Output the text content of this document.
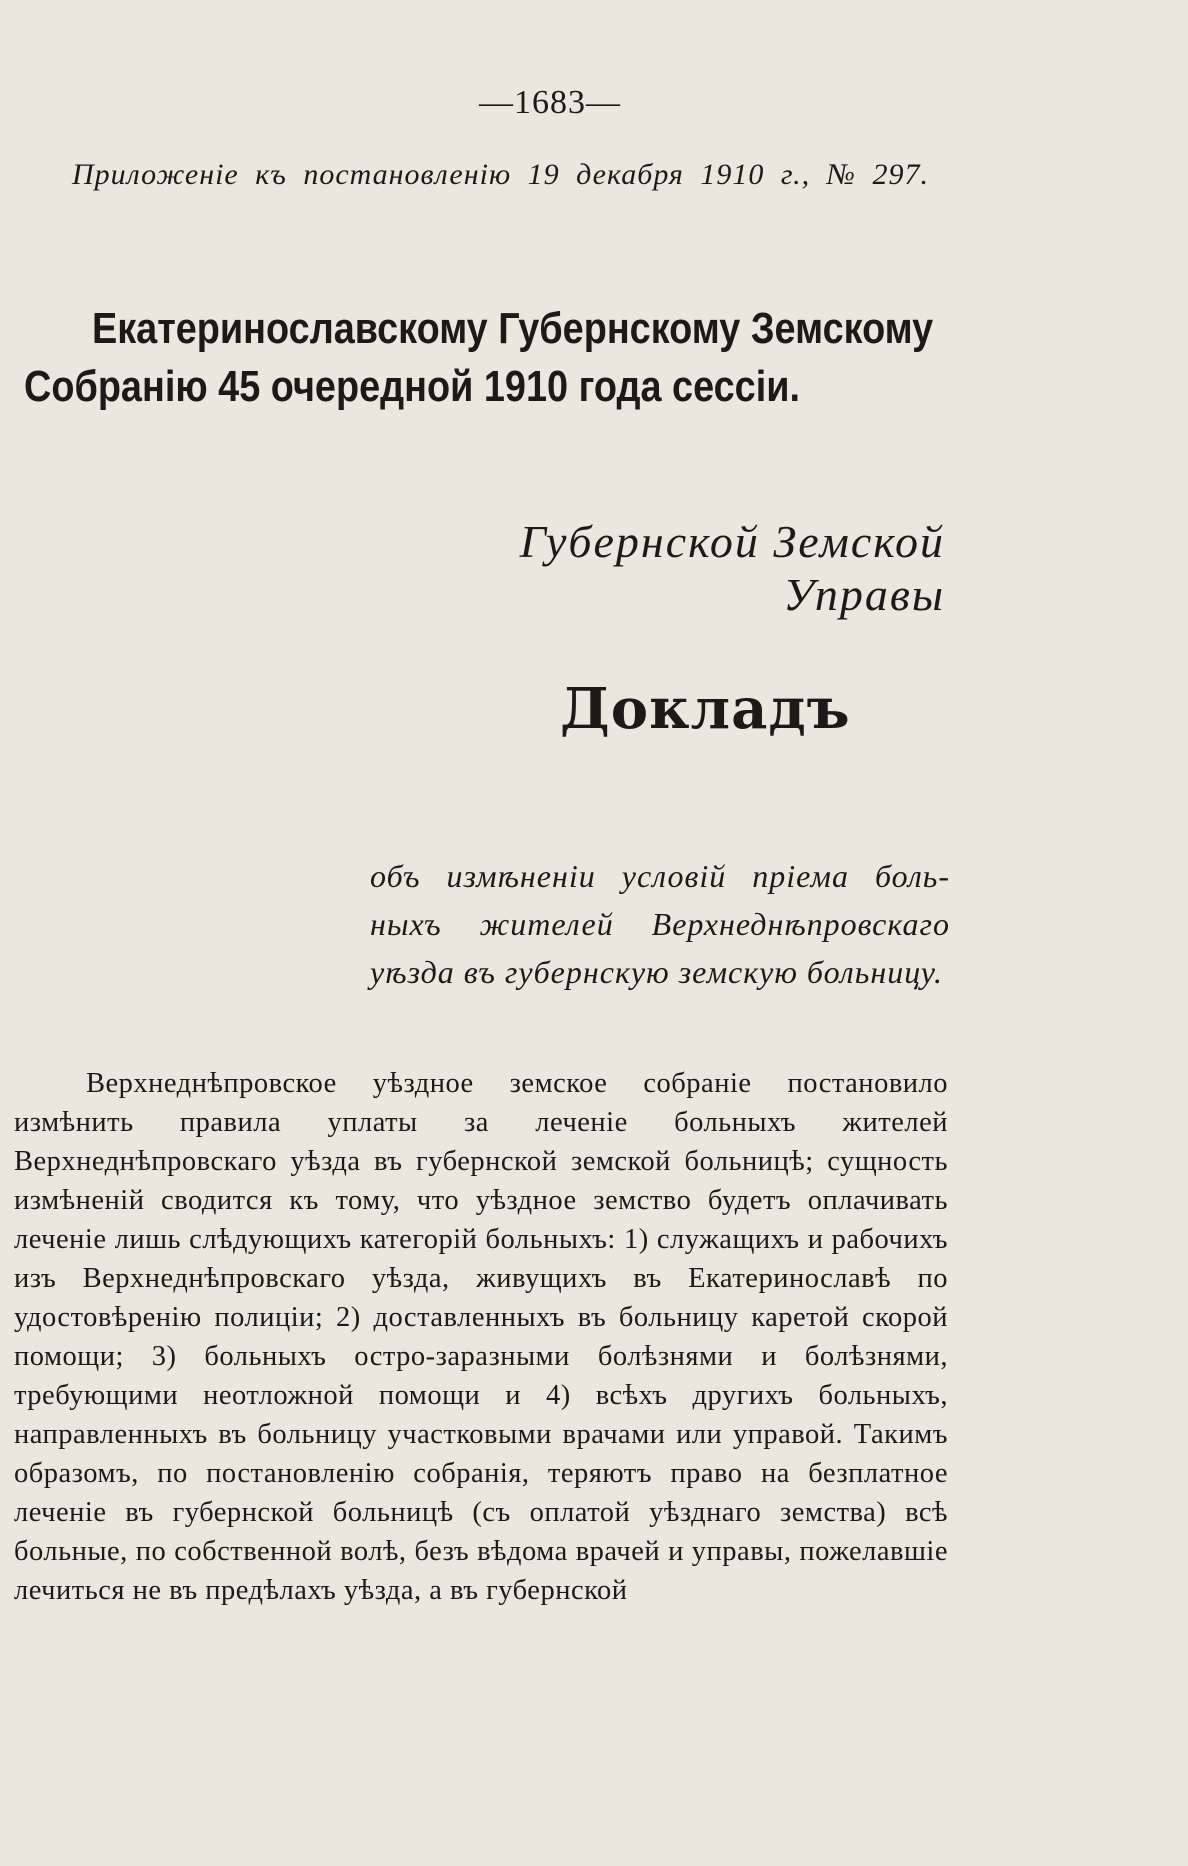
—1683—
Приложеніе къ постановленію 19 декабря 1910 г., № 297.
Екатеринославскому Губернскому Земскому
Собранію 45 очередной 1910 года сессіи.
Губернской Земской Управы
Докладъ
объ измѣненіи условій пріема боль-
ныхъ жителей Верхнеднѣпровскаго
уѣзда въ губернскую земскую больницу.
Верхнеднѣпровское уѣздное земское собраніе постановило измѣнить правила уплаты за леченіе больныхъ жителей Верхнеднѣпровскаго уѣзда въ губернской земской больницѣ; сущность измѣненій сводится къ тому, что уѣздное земство будетъ оплачивать леченіе лишь слѣдующихъ категорій больныхъ: 1) служащихъ и рабочихъ изъ Верхнеднѣпровскаго уѣзда, живущихъ въ Екатеринославѣ по удостовѣренію полиціи; 2) доставленныхъ въ больницу каретой скорой помощи; 3) больныхъ остро-заразными болѣзнями и болѣзнями, требующими неотложной помощи и 4) всѣхъ другихъ больныхъ, направленныхъ въ больницу участковыми врачами или управой. Такимъ образомъ, по постановленію собранія, теряютъ право на безплатное леченіе въ губернской больницѣ (съ оплатой уѣзднаго земства) всѣ больные, по собственной волѣ, безъ вѣдома врачей и управы, пожелавшіе лечиться не въ предѣлахъ уѣзда, а въ губернской
